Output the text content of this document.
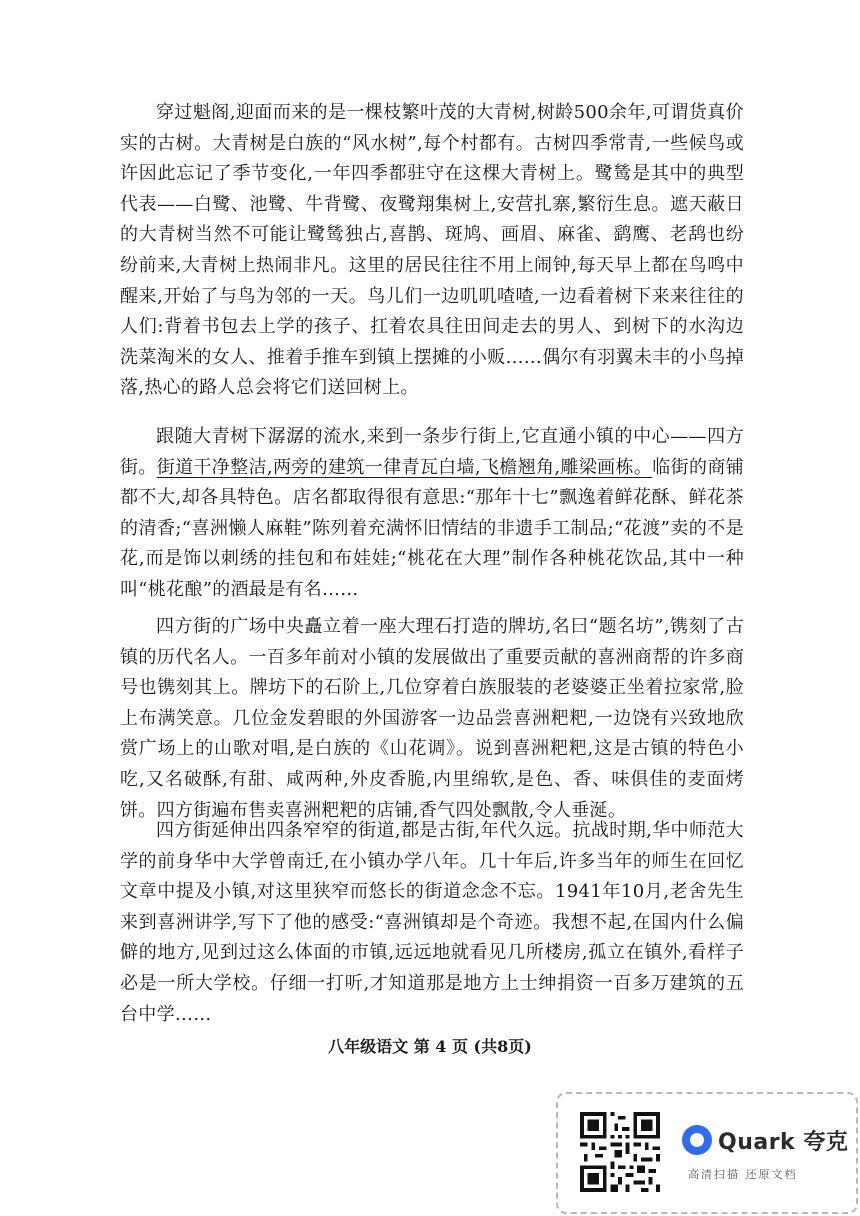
穿过魁阁,迎面而来的是一棵枝繁叶茂的大青树,树龄500余年,可谓货真价实的古树。大青树是白族的“风水树”,每个村都有。古树四季常青,一些候鸟或许因此忘记了季节变化,一年四季都驻守在这棵大青树上。鹭鸶是其中的典型代表——白鹭、池鹭、牛背鹭、夜鹭翔集树上,安营扎寨,繁衍生息。遮天蔽日的大青树当然不可能让鹭鸶独占,喜鹊、斑鸠、画眉、麻雀、鹞鹰、老鸹也纷纷前来,大青树上热闹非凡。这里的居民往往不用上闹钟,每天早上都在鸟鸣中醒来,开始了与鸟为邻的一天。鸟儿们一边叽叽喳喳,一边看着树下来来往往的人们:背着书包去上学的孩子、扛着农具往田间走去的男人、到树下的水沟边洗菜淘米的女人、推着手推车到镇上摆摊的小贩……偶尔有羽翼未丰的小鸟掉落,热心的路人总会将它们送回树上。

跟随大青树下潺潺的流水,来到一条步行街上,它直通小镇的中心——四方街。街道干净整洁,两旁的建筑一律青瓦白墙,飞檐翘角,雕梁画栋。临街的商铺都不大,却各具特色。店名都取得很有意思:“那年十七”飘逸着鲜花酥、鲜花茶的清香;“喜洲懒人麻鞋”陈列着充满怀旧情结的非遗手工制品;“花渡”卖的不是花,而是饰以刺绣的挂包和布娃娃;“桃花在大理”制作各种桃花饮品,其中一种叫“桃花酿”的酒最是有名……

四方街的广场中央矗立着一座大理石打造的牌坊,名曰“题名坊”,镌刻了古镇的历代名人。一百多年前对小镇的发展做出了重要贡献的喜洲商帮的许多商号也镌刻其上。牌坊下的石阶上,几位穿着白族服装的老婆婆正坐着拉家常,脸上布满笑意。几位金发碧眼的外国游客一边品尝喜洲粑粑,一边饶有兴致地欣赏广场上的山歌对唱,是白族的《山花调》。说到喜洲粑粑,这是古镇的特色小吃,又名破酥,有甜、咸两种,外皮香脆,内里绵软,是色、香、味俱佳的麦面烤饼。四方街遍布售卖喜洲粑粑的店铺,香气四处飘散,令人垂涎。

四方街延伸出四条窄窄的街道,都是古街,年代久远。抗战时期,华中师范大学的前身华中大学曾南迁,在小镇办学八年。几十年后,许多当年的师生在回忆文章中提及小镇,对这里狭窄而悠长的街道念念不忘。1941年10月,老舍先生来到喜洲讲学,写下了他的感受:“喜洲镇却是个奇迹。我想不起,在国内什么偏僻的地方,见到过这么体面的市镇,远远地就看见几所楼房,孤立在镇外,看样子必是一所大学校。仔细一打听,才知道那是地方上士绅捐资一百多万建筑的五台中学……

八年级语文 第 4 页 (共8页)
Quark 夸克
高清扫描 还原文档
